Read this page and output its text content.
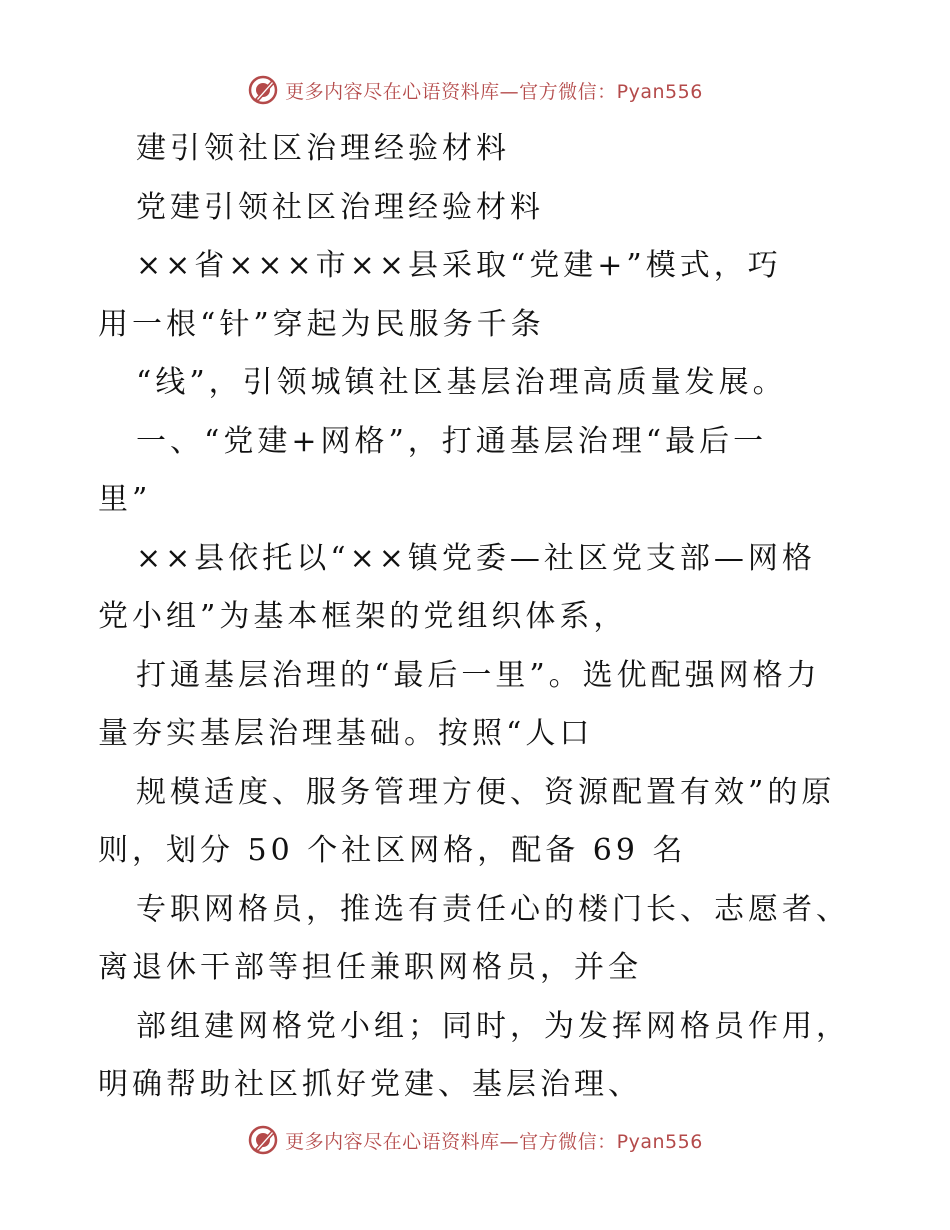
更多内容尽在心语资料库—官方微信：Pyan556
建引领社区治理经验材料
党建引领社区治理经验材料
××省×××市××县采取“党建+”模式，巧
用一根“针”穿起为民服务千条
“线”，引领城镇社区基层治理高质量发展。
一、“党建+网格”，打通基层治理“最后一
里”
××县依托以“××镇党委—社区党支部—网格
党小组”为基本框架的党组织体系，
打通基层治理的“最后一里”。选优配强网格力
量夯实基层治理基础。按照“人口
规模适度、服务管理方便、资源配置有效”的原
则，划分 50 个社区网格，配备 69 名
专职网格员，推选有责任心的楼门长、志愿者、
离退休干部等担任兼职网格员，并全
部组建网格党小组；同时，为发挥网格员作用，
明确帮助社区抓好党建、基层治理、
更多内容尽在心语资料库—官方微信：Pyan556
